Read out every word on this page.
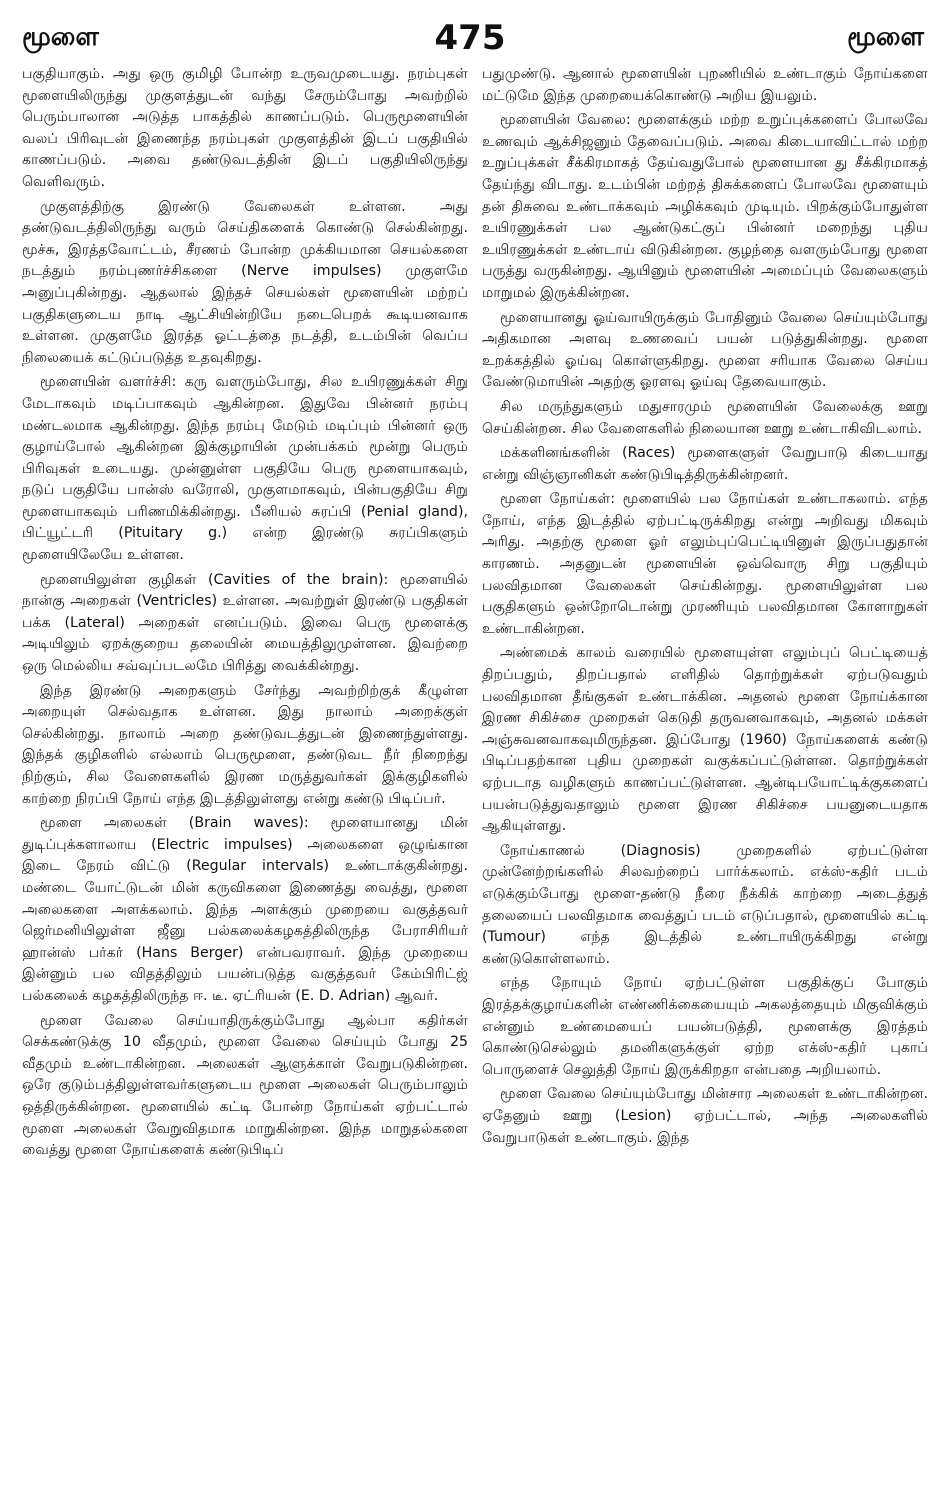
மூளை	475	மூளை

பகுதியாகும். அது ஒரு குமிழி போன்ற உருவமுடையது. நரம்புகள் மூளையிலிருந்து முகுளத்துடன் வந்து சேரும்போது அவற்றில் பெரும்பாலான அடுத்த பாகத்தில் காணப்படும். பெருமூளையின் வலப் பிரிவுடன் இணைந்த நரம்புகள் முகுளத்தின் இடப் பகுதியில் காணப்படும். அவை தண்டுவடத்தின் இடப் பகுதியிலிருந்து வெளிவரும்.

முகுளத்திற்கு இரண்டு வேலைகள் உள்ளன. அது தண்டுவடத்திலிருந்து வரும் செய்திகளைக் கொண்டு செல்கின்றது. மூச்சு, இரத்தவோட்டம், சீரணம் போன்ற முக்கியமான செயல்களை நடத்தும் நரம்புணர்ச்சிகளை (Nerve impulses) முகுளமே அனுப்புகின்றது. ஆதலால் இந்தச் செயல்கள் மூளையின் மற்றப் பகுதிகளுடைய நாடி ஆட்சியின்றியே நடைபெறக் கூடியனவாக உள்ளன. முகுளமே இரத்த ஓட்டத்தை நடத்தி, உடம்பின் வெப்ப நிலையைக் கட்டுப்படுத்த உதவுகிறது.

மூளையின் வளர்ச்சி: கரு வளரும்போது, சில உயிரணுக்கள் சிறு மேடாகவும் மடிப்பாகவும் ஆகின்றன. இதுவே பின்னர் நரம்பு மண்டலமாக ஆகின்றது. இந்த நரம்பு மேடும் மடிப்பும் பின்னர் ஒரு குழாய்போல் ஆகின்றன இக்குழாயின் முன்பக்கம் மூன்று பெரும் பிரிவுகள் உடையது. முன்னுள்ள பகுதியே பெரு மூளையாகவும், நடுப் பகுதியே பான்ஸ் வரோலி, முகுளமாகவும், பின்பகுதியே சிறு மூளையாகவும் பரிணமிக்கின்றது. பீனியல் சுரப்பி (Penial gland), பிட்யூட்டரி (Pituitary g.) என்ற இரண்டு சுரப்பிகளும் மூளையிலேயே உள்ளன.

மூளையிலுள்ள குழிகள் (Cavities of the brain): மூளையில் நான்கு அறைகள் (Ventricles) உள்ளன. அவற்றுள் இரண்டு பகுதிகள் பக்க (Lateral) அறைகள் எனப்படும். இவை பெரு மூளைக்கு அடியிலும் ஏறக்குறைய தலையின் மையத்திலுமுள்ளன. இவற்றை ஒரு மெல்லிய சவ்வுப்படலமே பிரித்து வைக்கின்றது.

இந்த இரண்டு அறைகளும் சேர்ந்து அவற்றிற்குக் கீழுள்ள அறையுள் செல்வதாக உள்ளன. இது நாலாம் அறைக்குள் செல்கின்றது. நாலாம் அறை தண்டுவடத்துடன் இணைந்துள்ளது. இந்தக் குழிகளில் எல்லாம் பெருமூளை, தண்டுவட நீர் நிறைந்து நிற்கும், சில வேளைகளில் இரண மருத்துவர்கள் இக்குழிகளில் காற்றை நிரப்பி நோய் எந்த இடத்திலுள்ளது என்று கண்டு பிடிப்பர்.

மூளை அலைகள் (Brain waves): மூளையானது மின் துடிப்புக்களாலாய (Electric impulses) அலைகளை ஒழுங்கான இடை நேரம் விட்டு (Regular intervals) உண்டாக்குகின்றது. மண்டை யோட்டுடன் மின் கருவிகளை இணைத்து வைத்து, மூளை அலைகளை அளக்கலாம். இந்த அளக்கும் முறையை வகுத்தவர் ஜெர்மனியிலுள்ள ஜீனு பல்கலைக்கழகத்திலிருந்த பேராசிரியர் ஹான்ஸ் பர்கர் (Hans Berger) என்பவராவர். இந்த முறையை இன்னும் பல விதத்திலும் பயன்படுத்த வகுத்தவர் கேம்பிரிட்ஜ் பல்கலைக் கழகத்திலிருந்த ஈ. டீ. ஏட்ரியன் (E. D. Adrian) ஆவர்.

மூளை வேலை செய்யாதிருக்கும்போது ஆல்பா கதிர்கள் செக்கண்டுக்கு 10 வீதமும், மூளை வேலை செய்யும் போது 25 வீதமும் உண்டாகின்றன. அலைகள் ஆளுக்காள் வேறுபடுகின்றன. ஒரே குடும்பத்திலுள்ளவர்களுடைய மூளை அலைகள் பெரும்பாலும் ஒத்திருக்கின்றன. மூளையில் கட்டி போன்ற நோய்கள் ஏற்பட்டால் மூளை அலைகள் வேறுவிதமாக மாறுகின்றன. இந்த மாறுதல்களை வைத்து மூளை நோய்களைக் கண்டுபிடிப்

பதுமுண்டு. ஆனால் மூளையின் புறணியில் உண்டாகும் நோய்களை மட்டுமே இந்த முறையைக்கொண்டு அறிய இயலும்.

மூளையின் வேலை: மூளைக்கும் மற்ற உறுப்புக்களைப் போலவே உணவும் ஆக்சிஜனும் தேவைப்படும். அவை கிடையாவிட்டால் மற்ற உறுப்புக்கள் சீக்கிரமாகத் தேய்வதுபோல் மூளையான து சீக்கிரமாகத் தேய்ந்து விடாது. உடம்பின் மற்றத் திசுக்களைப் போலவே மூளையும் தன் திசுவை உண்டாக்கவும் அழிக்கவும் முடியும். பிறக்கும்போதுள்ள உயிரணுக்கள் பல ஆண்டுகட்குப் பின்னர் மறைந்து புதிய உயிரணுக்கள் உண்டாய் விடுகின்றன. குழந்தை வளரும்போது மூளை பருத்து வருகின்றது. ஆயினும் மூளையின் அமைப்பும் வேலைகளும் மாறுமல் இருக்கின்றன.

மூளையானது ஓய்வாயிருக்கும் போதினும் வேலை செய்யும்போது அதிகமான அளவு உணவைப் பயன் படுத்துகின்றது. மூளை உறக்கத்தில் ஓய்வு கொள்ளுகிறது. மூளை சரியாக வேலை செய்ய வேண்டுமாயின் அதற்கு ஓரளவு ஓய்வு தேவையாகும்.

சில மருந்துகளும் மதுசாரமும் மூளையின் வேலைக்கு ஊறு செய்கின்றன. சில வேளைகளில் நிலையான ஊறு உண்டாகிவிடலாம்.

மக்களினங்களின் (Races) மூளைகளுள் வேறுபாடு கிடையாது என்று விஞ்ஞானிகள் கண்டுபிடித்திருக்கின்றனர்.

மூளை நோய்கள்: மூளையில் பல நோய்கள் உண்டாகலாம். எந்த நோய், எந்த இடத்தில் ஏற்பட்டிருக்கிறது என்று அறிவது மிகவும் அரிது. அதற்கு மூளை ஓர் எலும்புப்பெட்டியினுள் இருப்பதுதான் காரணம். அதனுடன் மூளையின் ஒவ்வொரு சிறு பகுதியும் பலவிதமான வேலைகள் செய்கின்றது. மூளையிலுள்ள பல பகுதிகளும் ஒன்றோடொன்று முரணியும் பலவிதமான கோளாறுகள் உண்டாகின்றன.

அண்மைக் காலம் வரையில் மூளையுள்ள எலும்புப் பெட்டியைத் திறப்பதும், திறப்பதால் எளிதில் தொற்றுக்கள் ஏற்படுவதும் பலவிதமான தீங்குகள் உண்டாக்கின. அதனல் மூளை நோய்க்கான இரண சிகிச்சை முறைகள் கெடுதி தருவனவாகவும், அதனல் மக்கள் அஞ்சுவனவாகவுமிருந்தன. இப்போது (1960) நோய்களைக் கண்டு பிடிப்பதற்கான புதிய முறைகள் வகுக்கப்பட்டுள்ளன. தொற்றுக்கள் ஏற்படாத வழிகளும் காணப்பட்டுள்ளன. ஆன்டிபயோட்டிக்குகளைப் பயன்படுத்துவதாலும் மூளை இரண சிகிச்சை பயனுடையதாக ஆகியுள்ளது.

நோய்காணல் (Diagnosis) முறைகளில் ஏற்பட்டுள்ள முன்னேற்றங்களில் சிலவற்றைப் பார்க்கலாம். எக்ஸ்-கதிர் படம் எடுக்கும்போது மூளை-தண்டு நீரை நீக்கிக் காற்றை அடைத்துத் தலையைப் பலவிதமாக வைத்துப் படம் எடுப்பதால், மூளையில் கட்டி (Tumour) எந்த இடத்தில் உண்டாயிருக்கிறது என்று கண்டுகொள்ளலாம்.

எந்த நோயும் நோய் ஏற்பட்டுள்ள பகுதிக்குப் போகும் இரத்தக்குழாய்களின் எண்ணிக்கையையும் அகலத்தையும் மிகுவிக்கும் என்னும் உண்மையைப் பயன்படுத்தி, மூளைக்கு இரத்தம் கொண்டுசெல்லும் தமனிகளுக்குள் ஏற்ற எக்ஸ்-கதிர் புகாப் பொருளைச் செலுத்தி நோய் இருக்கிறதா என்பதை அறியலாம்.

மூளை வேலை செய்யும்போது மின்சார அலைகள் உண்டாகின்றன. ஏதேனும் ஊறு (Lesion) ஏற்பட்டால், அந்த அலைகளில் வேறுபாடுகள் உண்டாகும். இந்த
